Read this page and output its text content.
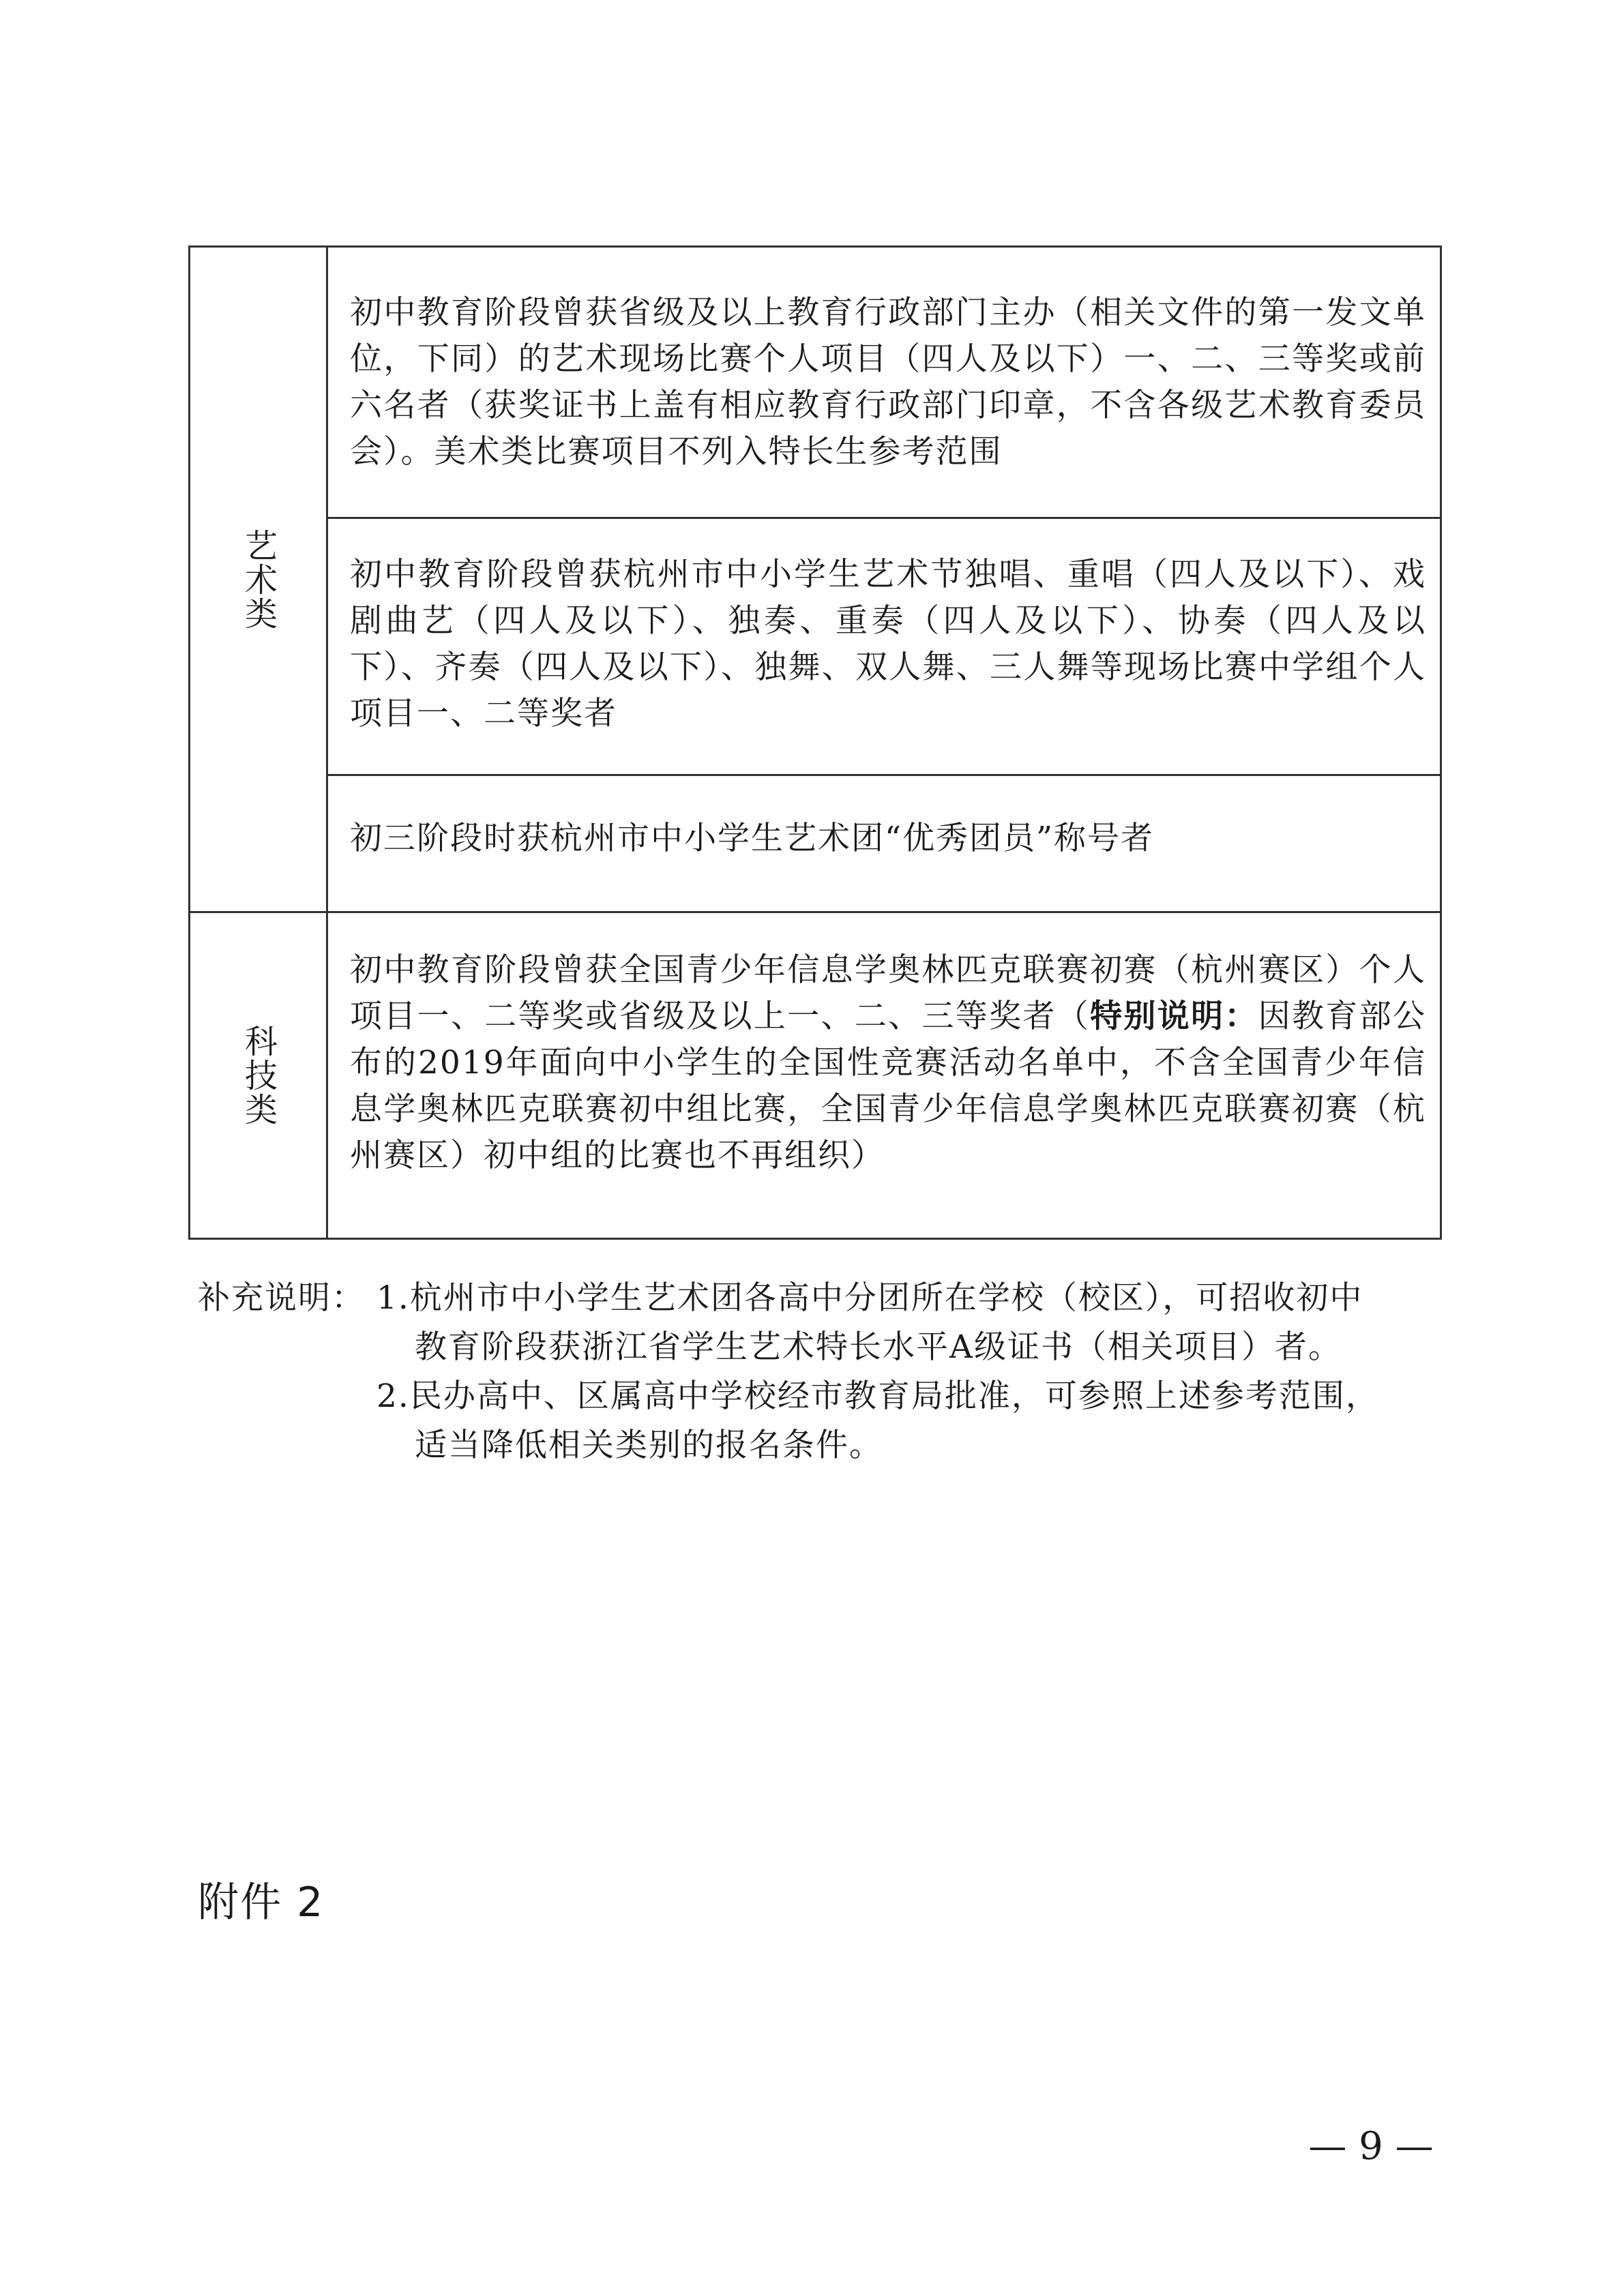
艺术类
初中教育阶段曾获省级及以上教育行政部门主办（相关文件的第一发文单位，下同）的艺术现场比赛个人项目（四人及以下）一、二、三等奖或前六名者（获奖证书上盖有相应教育行政部门印章，不含各级艺术教育委员会）。美术类比赛项目不列入特长生参考范围
初中教育阶段曾获杭州市中小学生艺术节独唱、重唱（四人及以下）、戏剧曲艺（四人及以下）、独奏、重奏（四人及以下）、协奏（四人及以下）、齐奏（四人及以下）、独舞、双人舞、三人舞等现场比赛中学组个人项目一、二等奖者
初三阶段时获杭州市中小学生艺术团“优秀团员”称号者
科技类
初中教育阶段曾获全国青少年信息学奥林匹克联赛初赛（杭州赛区）个人项目一、二等奖或省级及以上一、二、三等奖者（特别说明：因教育部公布的2019年面向中小学生的全国性竞赛活动名单中，不含全国青少年信息学奥林匹克联赛初中组比赛，全国青少年信息学奥林匹克联赛初赛（杭州赛区）初中组的比赛也不再组织）
补充说明： 1.杭州市中小学生艺术团各高中分团所在学校（校区），可招收初中
教育阶段获浙江省学生艺术特长水平A级证书（相关项目）者。
2.民办高中、区属高中学校经市教育局批准，可参照上述参考范围，
适当降低相关类别的报名条件。
附件 2
— 9 —
